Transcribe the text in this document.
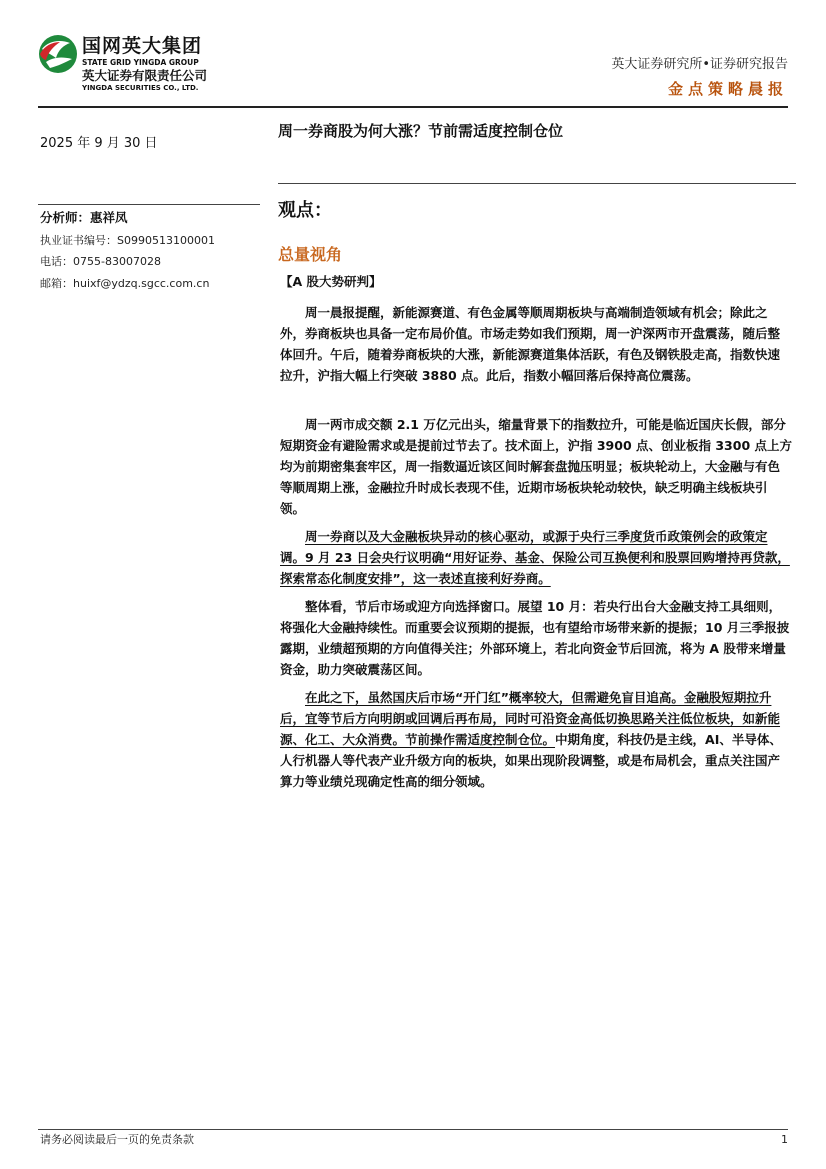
国网英大集团
STATE GRID YINGDA GROUP
英大证券有限责任公司
YINGDA SECURITIES CO., LTD.
英大证券研究所•证券研究报告
金点策略晨报
2025 年 9 月 30 日
分析师：惠祥凤
执业证书编号：S0990513100001
电话：0755-83007028
邮箱：huixf@ydzq.sgcc.com.cn
周一券商股为何大涨？节前需适度控制仓位
观点：
总量视角
【A 股大势研判】

周一晨报提醒，新能源赛道、有色金属等顺周期板块与高端制造领域有机会；除此之外，券商板块也具备一定布局价值。市场走势如我们预期，周一沪深两市开盘震荡，随后整体回升。午后，随着券商板块的大涨，新能源赛道集体活跃，有色及钢铁股走高，指数快速拉升，沪指大幅上行突破 3880 点。此后，指数小幅回落后保持高位震荡。

周一两市成交额 2.1 万亿元出头，缩量背景下的指数拉升，可能是临近国庆长假，部分短期资金有避险需求或是提前过节去了。技术面上，沪指 3900 点、创业板指 3300 点上方均为前期密集套牢区，周一指数逼近该区间时解套盘抛压明显；板块轮动上，大金融与有色等顺周期上涨，金融拉升时成长表现不佳，近期市场板块轮动较快，缺乏明确主线板块引领。

周一券商以及大金融板块异动的核心驱动，或源于央行三季度货币政策例会的政策定调。9 月 23 日会央行议明确“用好证券、基金、保险公司互换便利和股票回购增持再贷款，探索常态化制度安排”，这一表述直接利好券商。

整体看，节后市场或迎方向选择窗口。展望 10 月：若央行出台大金融支持工具细则，将强化大金融持续性。而重要会议预期的提振，也有望给市场带来新的提振；10 月三季报披露期，业绩超预期的方向值得关注；外部环境上，若北向资金节后回流，将为 A 股带来增量资金，助力突破震荡区间。

在此之下，虽然国庆后市场“开门红”概率较大，但需避免盲目追高。金融股短期拉升后，宜等节后方向明朗或回调后再布局，同时可沿资金高低切换思路关注低位板块，如新能源、化工、大众消费。节前操作需适度控制仓位。中期角度，科技仍是主线，AI、半导体、人行机器人等代表产业升级方向的板块，如果出现阶段调整，或是布局机会，重点关注国产算力等业绩兑现确定性高的细分领域。

请务必阅读最后一页的免责条款	1
